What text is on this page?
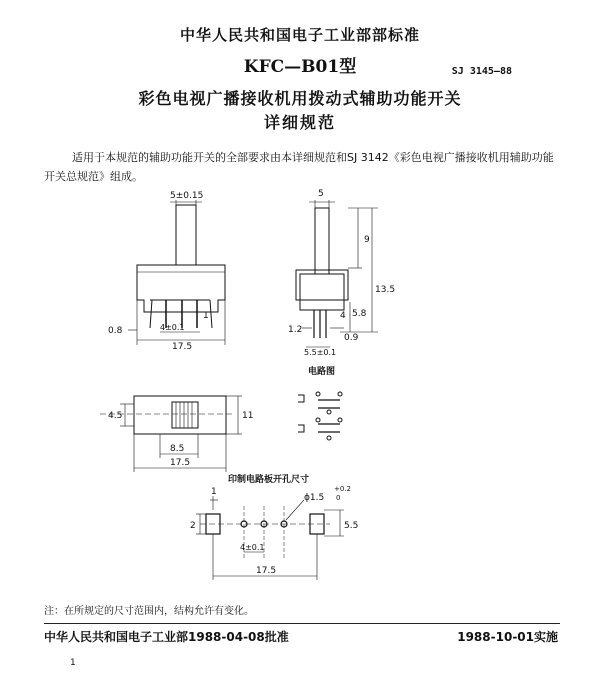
中华人民共和国电子工业部部标准
KFC—B01型	SJ 3145—88
彩色电视广播接收机用拨动式辅助功能开关
详细规范
适用于本规范的辅助功能开关的全部要求由本详细规范和SJ 3142《彩色电视广播接收机用辅助功能开关总规范》组成。
5±0.15
0.8
1
4±0.1
17.5
5
9
13.5
5.8
4
1.2
0.9
5.5±0.1
电路图
4.5	11
8.5
17.5
印制电路板开孔尺寸
1
ϕ1.5
+0.2
0
2	5.5
4±0.1
17.5
注：在所规定的尺寸范围内，结构允许有变化。
中华人民共和国电子工业部1988-04-08批准	1988-10-01实施
1
